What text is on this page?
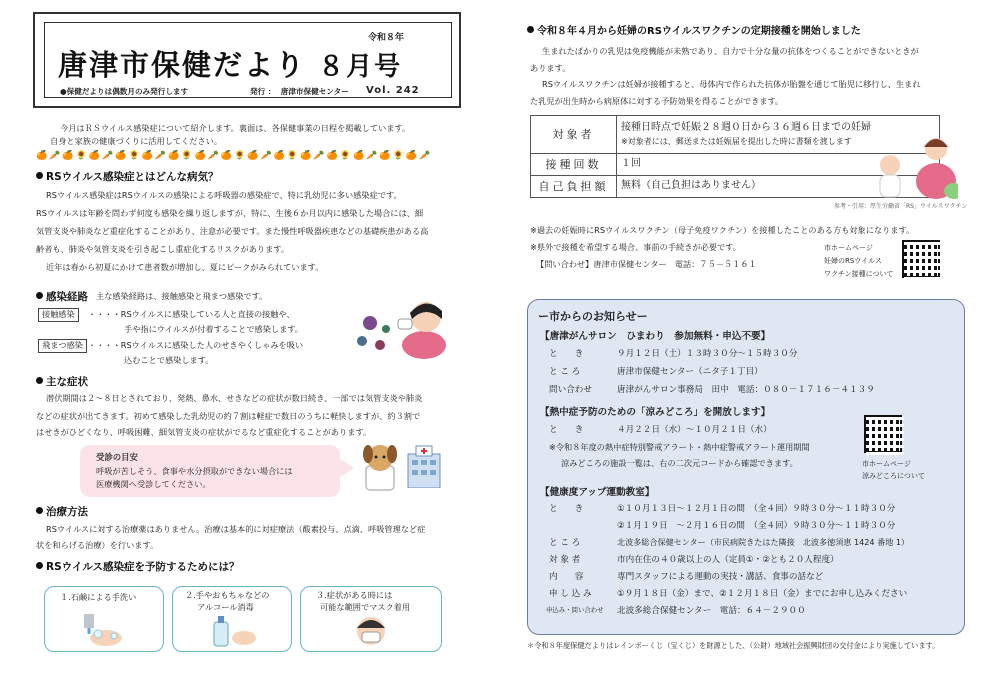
令和８年
唐津市保健だより ８月号
●保健だよりは偶数月のみ発行します	発行 ： 唐津市保健センター Vol. 242
今月はＲＳウイルス感染症について紹介します。裏面は、各保健事業の日程を掲載しています。
自身と家族の健康づくりに活用してください。
🍊🥕🍊🌻🍊🥕🍊🌻🍊🥕🍊🌻🍊🥕🍊🌻🍊🥕🍊🌻🍊🥕🍊🌻🍊🥕🍊🌻🍊🥕
RSウイルス感染症とはどんな病気？
RSウイルス感染症はRSウイルスの感染による呼吸器の感染症で、特に乳幼児に多い感染症です。
RSウイルスは年齢を問わず何度も感染を繰り返しますが、特に、生後６か月以内に感染した場合には、細
気管支炎や肺炎など重症化することがあり、注意が必要です。また慢性呼吸器疾患などの基礎疾患がある高
齢者も、肺炎や気管支炎を引き起こし重症化するリスクがあります。
近年は春から初夏にかけて患者数が増加し、夏にピークがみられています。
感染経路 主な感染経路は、接触感染と飛まつ感染です。
接触感染	・・・・RSウイルスに感染している人と直接の接触や、
手や指にウイルスが付着することで感染します。
飛まつ感染 ・・・・RSウイルスに感染した人のせきやくしゃみを吸い
込むことで感染します。
主な症状
潜伏期間は２～８日とされており、発熱、鼻水、せきなどの症状が数日続き、一部では気管支炎や肺炎
などの症状が出てきます。初めて感染した乳幼児の約７割は軽症で数日のうちに軽快しますが、約３割で
はせきがひどくなり、呼吸困難、細気管支炎の症状がでるなど重症化することがあります。
受診の目安
呼吸が苦しそう、食事や水分摂取ができない場合には
医療機関へ受診してください。
治療方法
RSウイルスに対する治療薬はありません。治療は基本的に対症療法（酸素投与、点滴、呼吸管理など症
状を和らげる治療）を行います。
RSウイルス感染症を予防するためには？
１.石鹸による手洗い	２.手やおもちゃなどの
アルコール消毒
３.症状がある時には
可能な範囲でマスク着用
令和８年４月から妊婦のRSウイルスワクチンの定期接種を開始しました
生まれたばかりの乳児は免疫機能が未熟であり、自力で十分な量の抗体をつくることができないときが
あります。
RSウイルスワクチンは妊婦が接種すると、母体内で作られた抗体が胎盤を通じて胎児に移行し、生まれ
た乳児が出生時から病原体に対する予防効果を得ることができます。
対象者	接種日時点で妊娠２８週０日から３６週６日までの妊婦
※対象者には、郵送または妊娠届を提出した時に書類を渡します

接種回数	１回
自己負担額	無料（自己負担はありません）
参考・引用：厚生労働省「RS」ウイルスワクチン
※過去の妊娠時にRSウイルスワクチン（母子免疫ワクチン）を接種したことのある方も対象になります。
※県外で接種を希望する場合、事前の手続きが必要です。
【問い合わせ】唐津市保健センター　電話：７５－５１６１
市ホームページ
妊婦のRSウイルス
ワクチン接種について
ー市からのお知らせー
【唐津がんサロン　ひまわり　参加無料・申込不要】
と　　き	９月１２日（土）１３時３０分～１５時３０分
と こ ろ	唐津市保健センター（ニタ子１丁目）
問い合わせ	唐津がんサロン事務局　田中　電話：０８０－１７１６－４１３９
【熱中症予防のための「涼みどころ」を開放します】
と　　き	４月２２日（水）～１０月２１日（水）
※令和８年度の熱中症特別警戒アラート・熱中症警戒アラート運用期間
涼みどころの施設一覧は、右の二次元コードから確認できます。	市ホームページ
涼みどころについて
【健康度アップ運動教室】
と　　き	①１０月１３日～１２月１日の間　（全４回）９時３０分～１１時３０分
②１月１９日　～２月１６日の間　（全４回）９時３０分～１１時３０分
と こ ろ	北波多総合保健センター（市民病院きたはた隣接　北波多徳須恵 1424 番地 1）
対 象 者	市内在住の４０歳以上の人（定員①・②とも２０人程度）
内　　容	専門スタッフによる運動の実技・講話、食事の話など
申 し 込 み	①９月１８日（金）まで、②１２月１８日（金）までにお申し込みください
申込み・問い合わせ 北波多総合保健センター　電話：６４－２９００
＊令和８年度保健だよりはレインボーくじ（宝くじ）を財源とした、（公財）地域社会振興財団の交付金により実施しています。
